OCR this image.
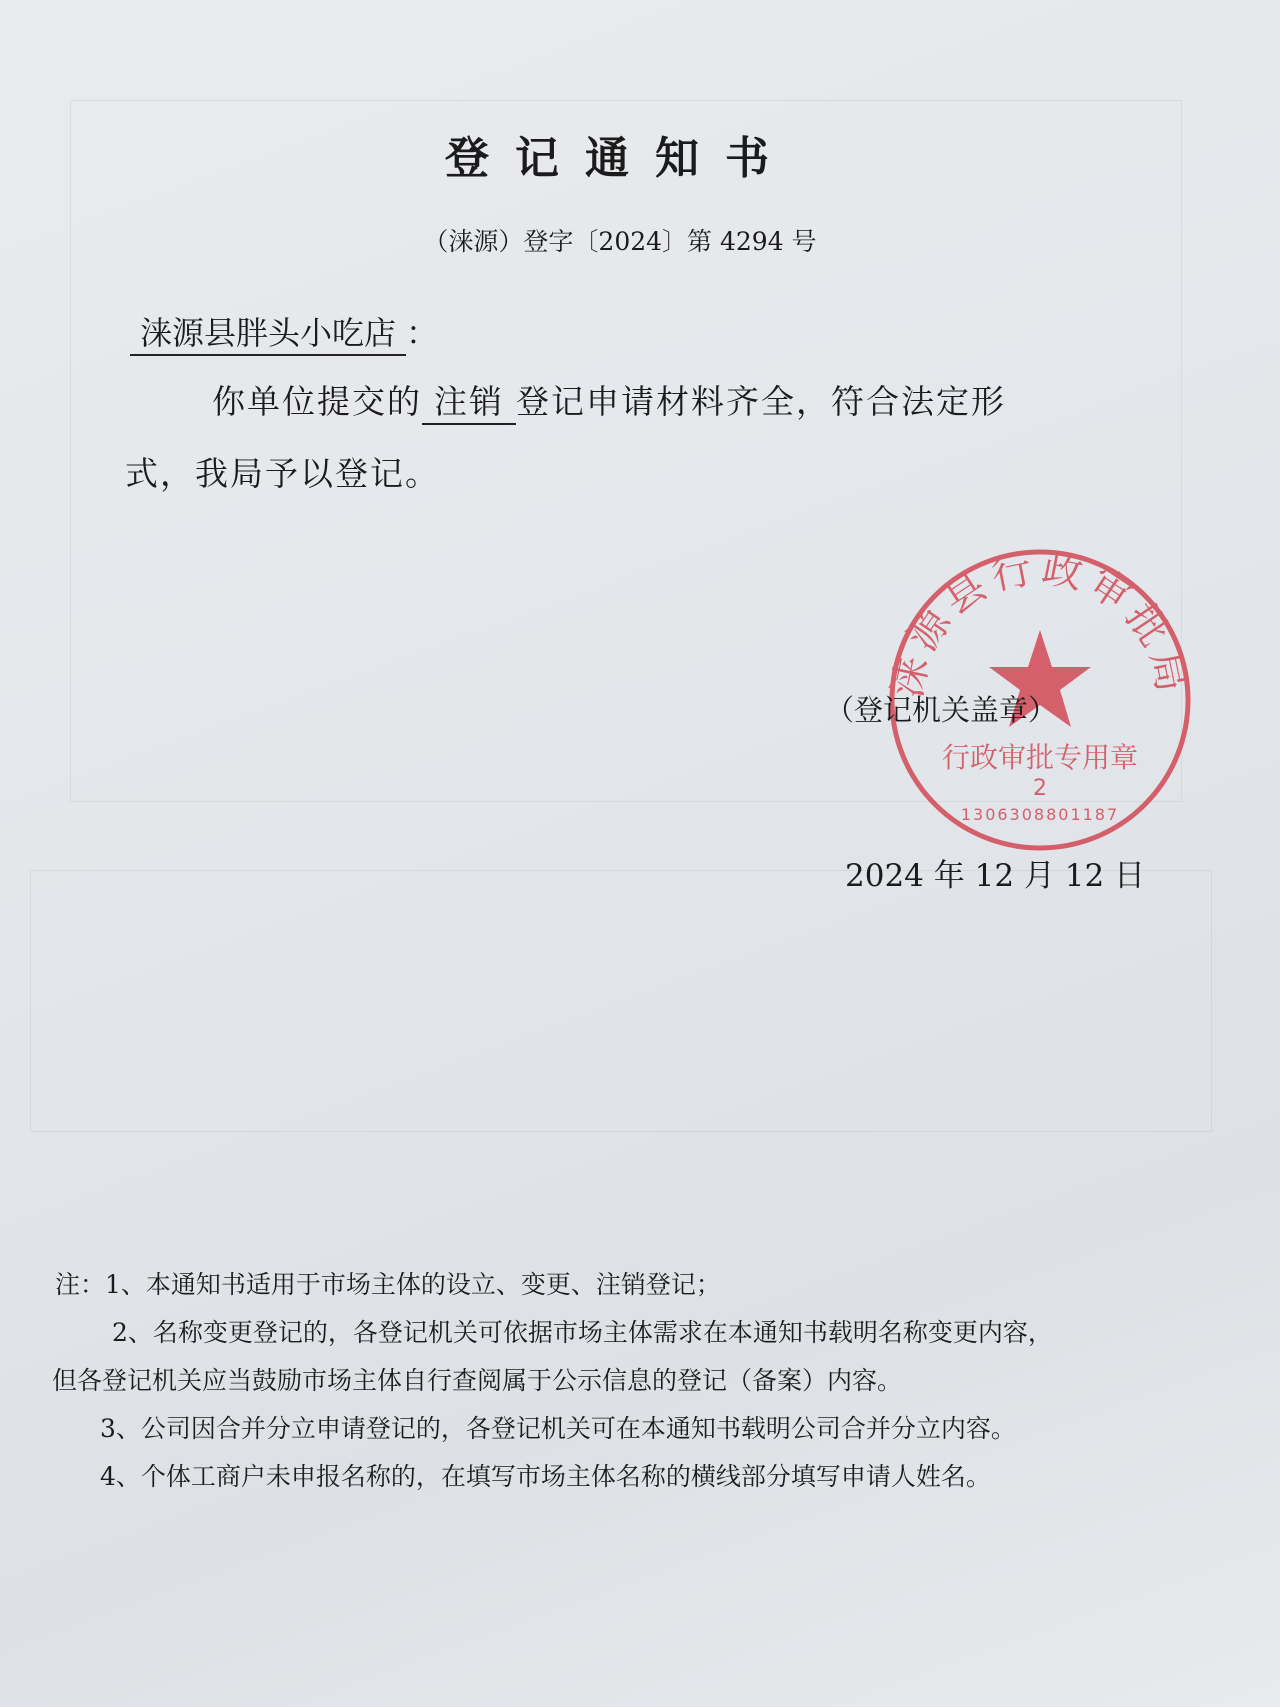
登记通知书
（涞源）登字〔2024〕第 4294 号
涞源县胖头小吃店 ：
你单位提交的 注销 登记申请材料齐全，符合法定形
式，我局予以登记。
涞源县行政审批局
行政审批专用章
2
1306308801187
（登记机关盖章）
2024 年 12 月 12 日
注：1、本通知书适用于市场主体的设立、变更、注销登记；
2、名称变更登记的，各登记机关可依据市场主体需求在本通知书载明名称变更内容，
但各登记机关应当鼓励市场主体自行查阅属于公示信息的登记（备案）内容。
3、公司因合并分立申请登记的，各登记机关可在本通知书载明公司合并分立内容。
4、个体工商户未申报名称的，在填写市场主体名称的横线部分填写申请人姓名。
